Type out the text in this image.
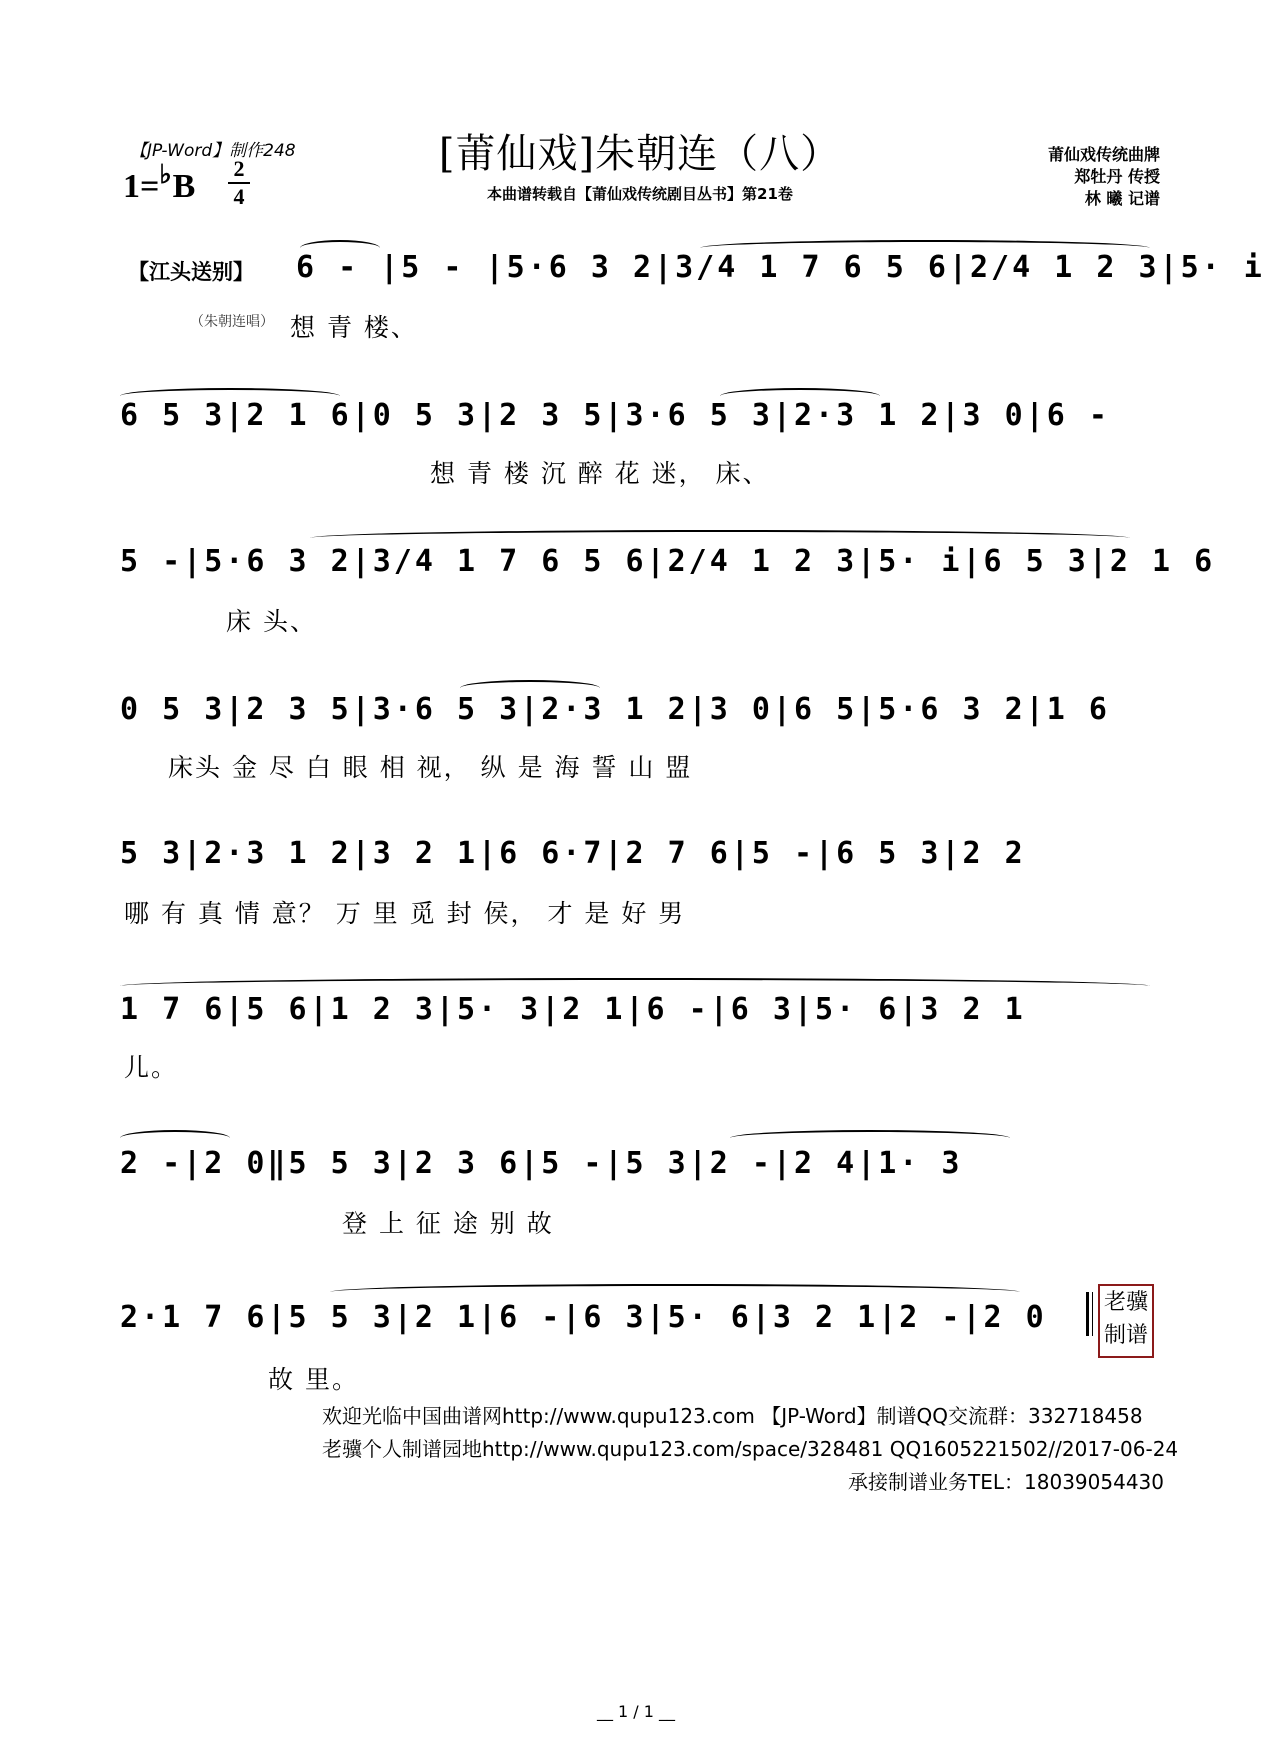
【JP-Word】制作248
1=♭B	2
4
[莆仙戏]朱朝连（八）
本曲谱转载自【莆仙戏传统剧目丛书】第21卷
莆仙戏传统曲牌
郑牡丹 传授
林 曦 记谱
【江头送别】
（朱朝连唱）
6 - |5 - |5·6 3 2|3/4 1 7 6 5 6|2/4 1 2 3|5· i
想 青 楼、
6 5 3|2 1 6|0 5 3|2 3 5|3·6 5 3|2·3 1 2|3 0|6 -
想 青 楼 沉 醉 花 迷， 床、
5 -|5·6 3 2|3/4 1 7 6 5 6|2/4 1 2 3|5· i|6 5 3|2 1 6
床 头、
0 5 3|2 3 5|3·6 5 3|2·3 1 2|3 0|6 5|5·6 3 2|1 6
床头 金 尽 白 眼 相 视， 纵 是 海 誓 山 盟
5 3|2·3 1 2|3 2 1|6 6·7|2 7 6|5 -|6 5 3|2 2
哪 有 真 情 意？ 万 里 觅 封 侯， 才 是 好 男
1 7 6|5 6|1 2 3|5· 3|2 1|6 -|6 3|5· 6|3 2 1
儿。
2 -|2 0‖5 5 3|2 3 6|5 -|5 3|2 -|2 4|1· 3
登 上 征 途 别 故
2·1 7 6|5 5 3|2 1|6 -|6 3|5· 6|3 2 1|2 -|2 0
故 里。
老骥
制谱
欢迎光临中国曲谱网http://www.qupu123.com 【JP-Word】制谱QQ交流群：332718458
老骥个人制谱园地http://www.qupu123.com/space/328481 QQ1605221502//2017-06-24
承接制谱业务TEL：18039054430
__ 1 / 1 __
